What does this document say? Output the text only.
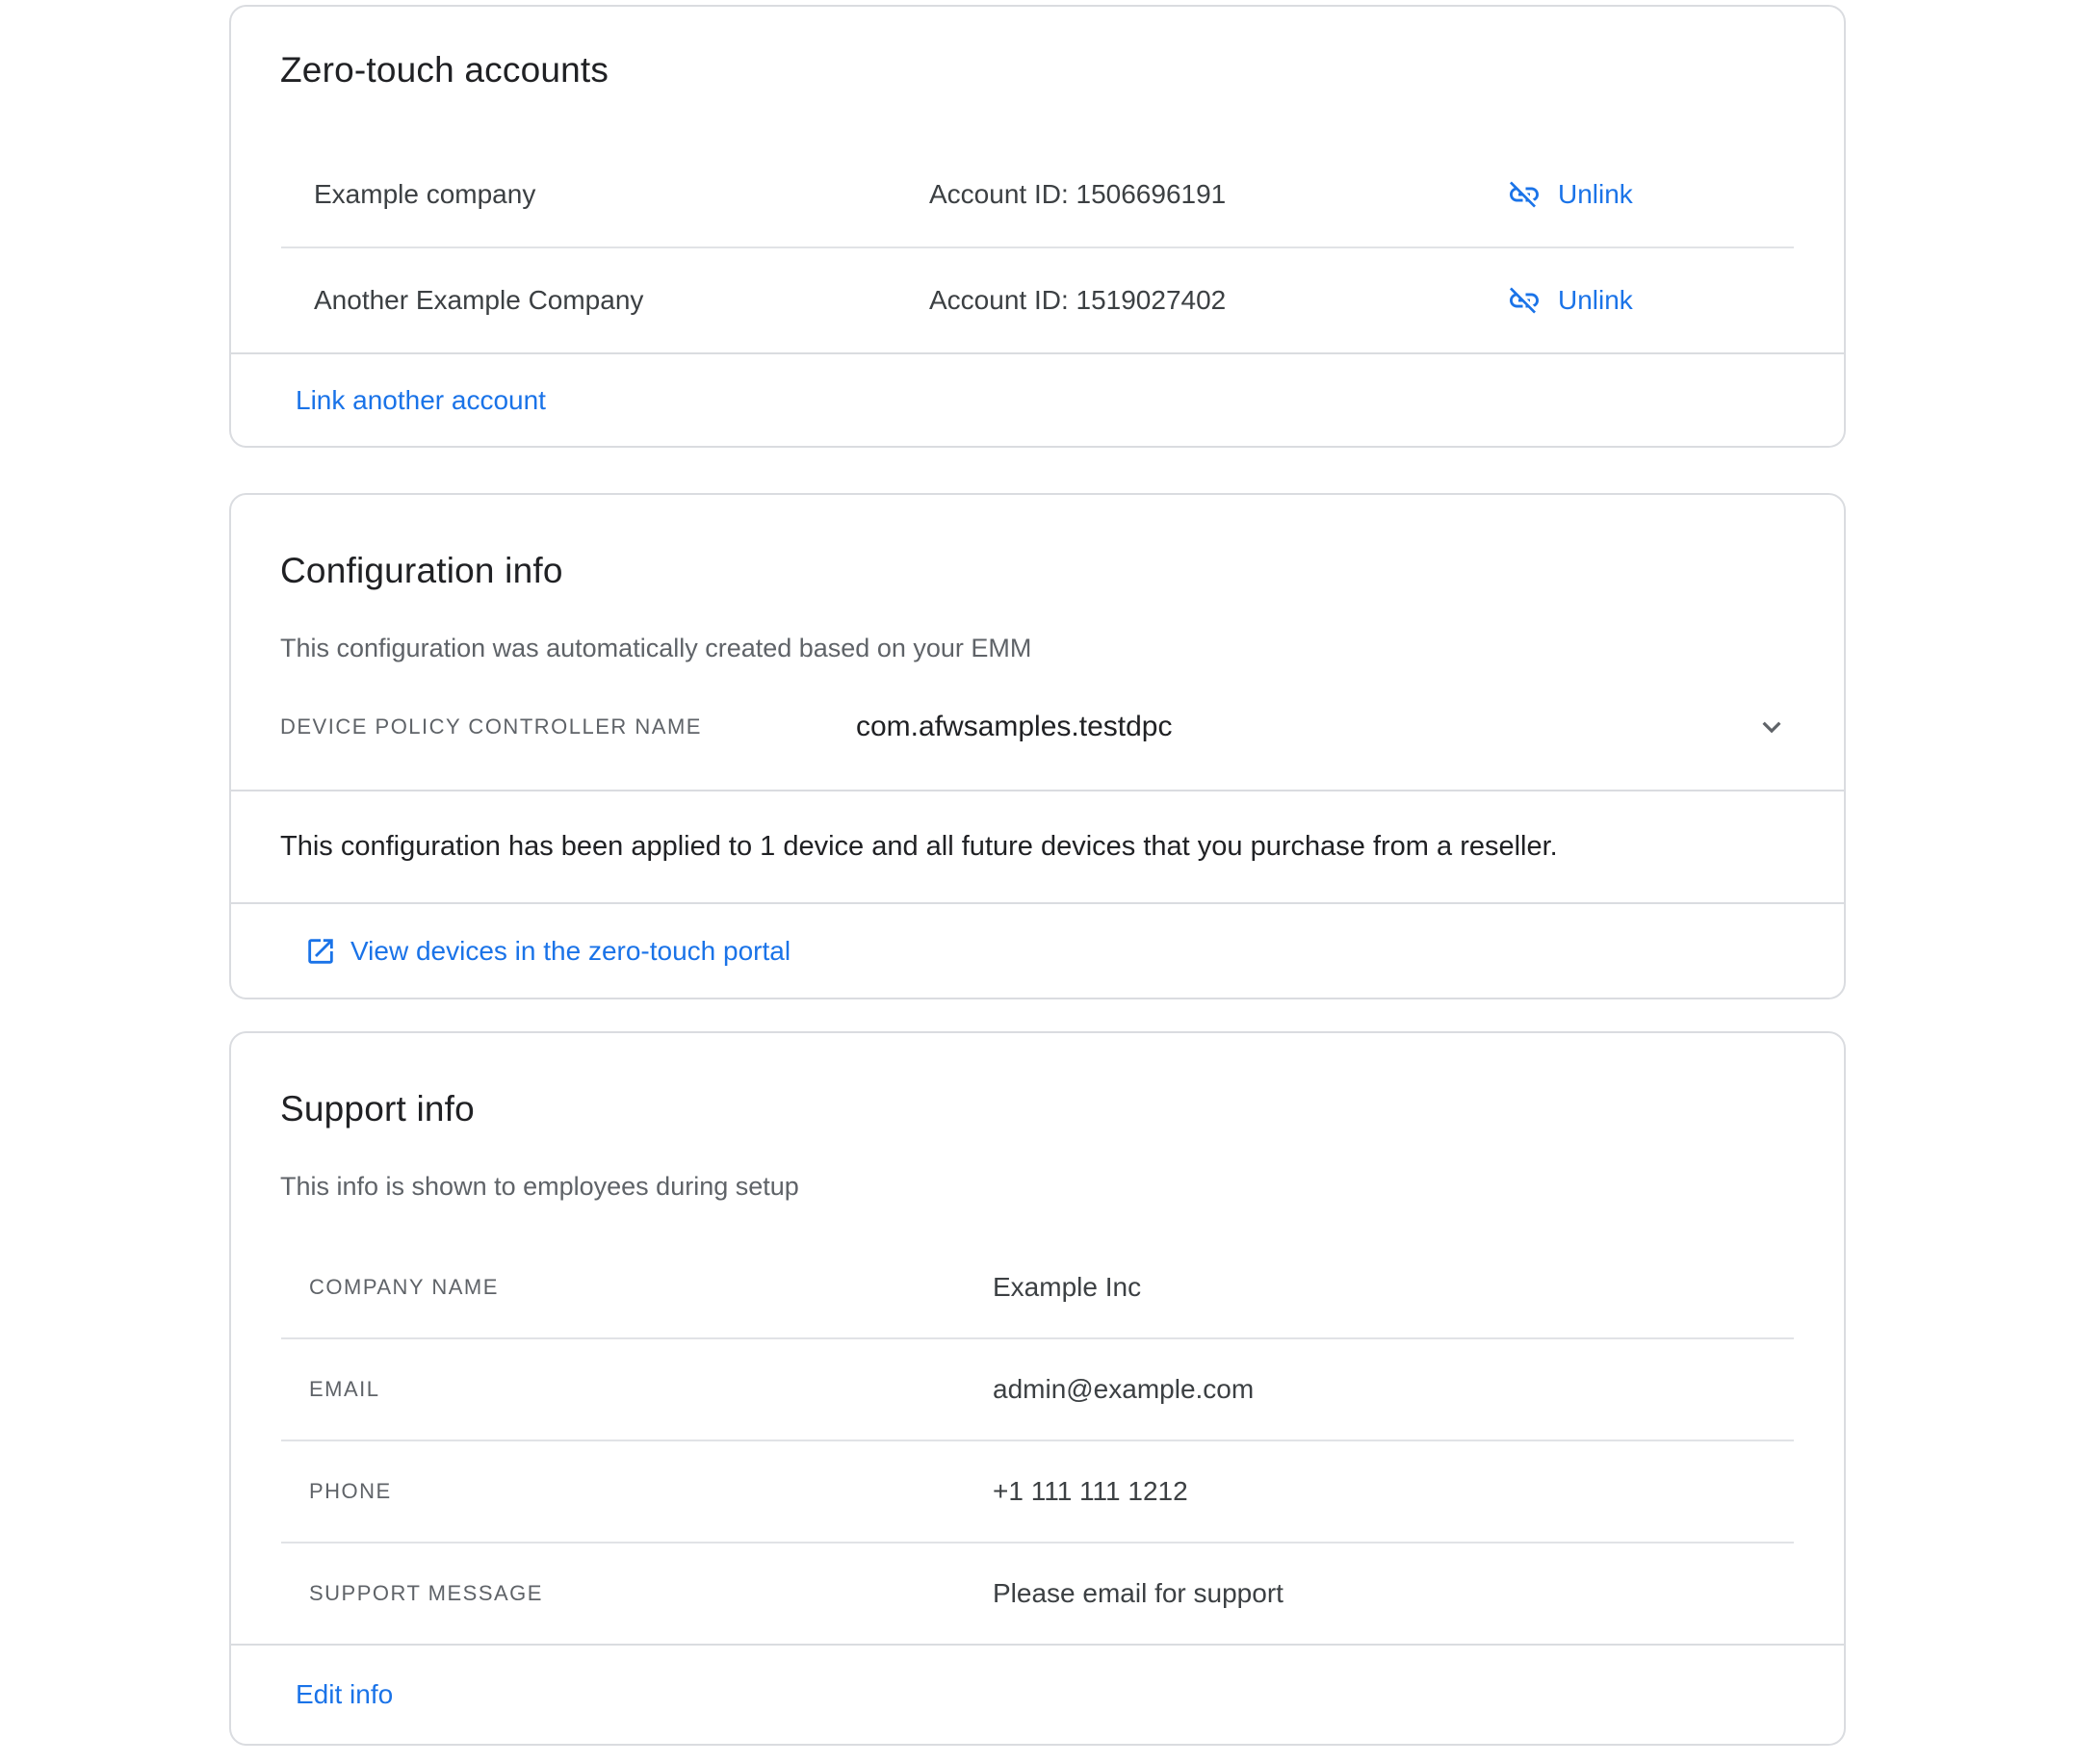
Zero-touch accounts
Example company	Account ID: 1506696191	Unlink
Another Example Company	Account ID: 1519027402	Unlink
Link another account
Configuration info

This configuration was automatically created based on your EMM

DEVICE POLICY CONTROLLER NAME	com.afwsamples.testdpc
This configuration has been applied to 1 device and all future devices that you purchase from a reseller.
View devices in the zero-touch portal
Support info

This info is shown to employees during setup

COMPANY NAME	Example Inc
EMAIL	admin@example.com
PHONE	+1 111 111 1212
SUPPORT MESSAGE	Please email for support
Edit info
